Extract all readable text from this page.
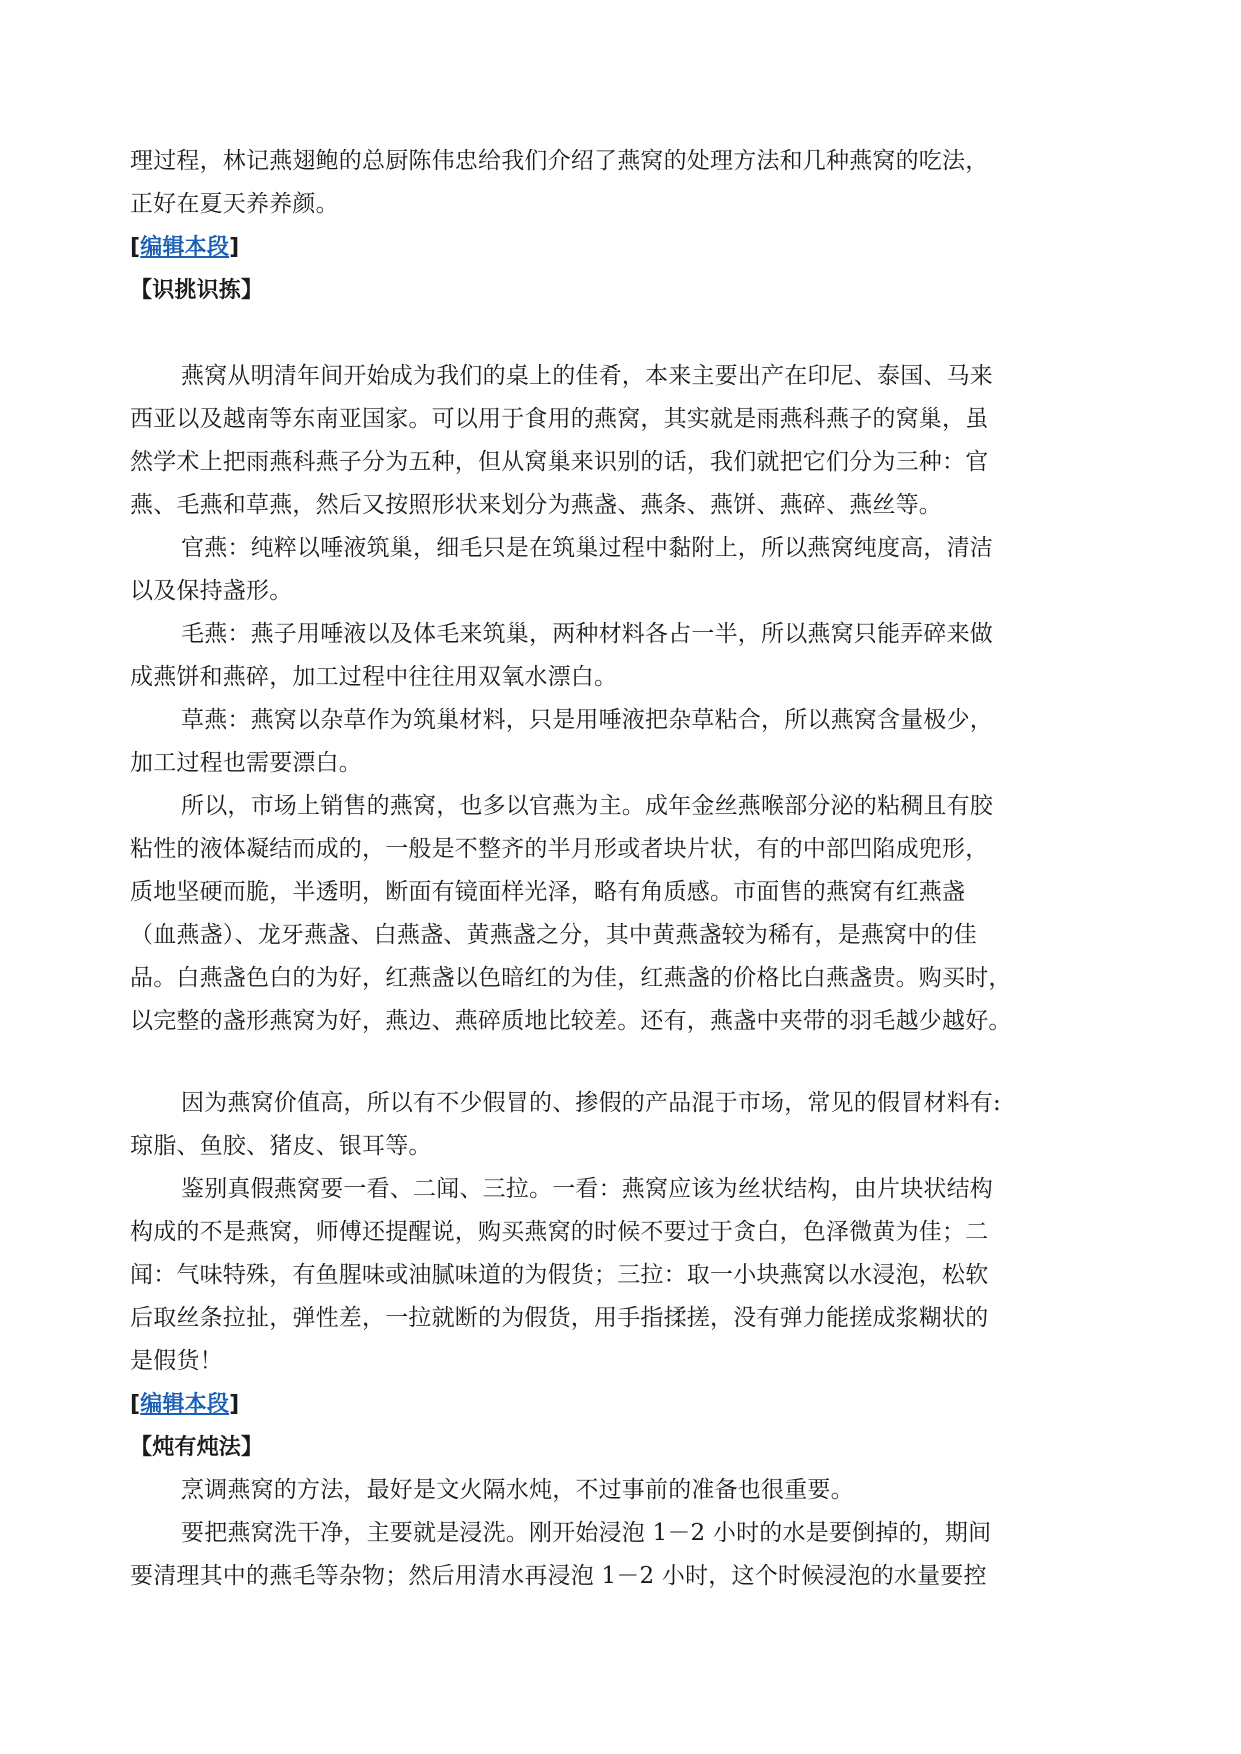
理过程，林记燕翅鲍的总厨陈伟忠给我们介绍了燕窝的处理方法和几种燕窝的吃法，
正好在夏天养养颜。
[编辑本段]
【识挑识拣】
燕窝从明清年间开始成为我们的桌上的佳肴，本来主要出产在印尼、泰国、马来
西亚以及越南等东南亚国家。可以用于食用的燕窝，其实就是雨燕科燕子的窝巢，虽
然学术上把雨燕科燕子分为五种，但从窝巢来识别的话，我们就把它们分为三种：官
燕、毛燕和草燕，然后又按照形状来划分为燕盏、燕条、燕饼、燕碎、燕丝等。
官燕：纯粹以唾液筑巢，细毛只是在筑巢过程中黏附上，所以燕窝纯度高，清洁
以及保持盏形。
毛燕：燕子用唾液以及体毛来筑巢，两种材料各占一半，所以燕窝只能弄碎来做
成燕饼和燕碎，加工过程中往往用双氧水漂白。
草燕：燕窝以杂草作为筑巢材料，只是用唾液把杂草粘合，所以燕窝含量极少，
加工过程也需要漂白。
所以，市场上销售的燕窝，也多以官燕为主。成年金丝燕喉部分泌的粘稠且有胶
粘性的液体凝结而成的，一般是不整齐的半月形或者块片状，有的中部凹陷成兜形，
质地坚硬而脆，半透明，断面有镜面样光泽，略有角质感。市面售的燕窝有红燕盏
（血燕盏）、龙牙燕盏、白燕盏、黄燕盏之分，其中黄燕盏较为稀有，是燕窝中的佳
品。白燕盏色白的为好，红燕盏以色暗红的为佳，红燕盏的价格比白燕盏贵。购买时，
以完整的盏形燕窝为好，燕边、燕碎质地比较差。还有，燕盏中夹带的羽毛越少越好。
因为燕窝价值高，所以有不少假冒的、掺假的产品混于市场，常见的假冒材料有:
琼脂、鱼胶、猪皮、银耳等。
鉴别真假燕窝要一看、二闻、三拉。一看：燕窝应该为丝状结构，由片块状结构
构成的不是燕窝，师傅还提醒说，购买燕窝的时候不要过于贪白，色泽微黄为佳；二
闻：气味特殊，有鱼腥味或油腻味道的为假货；三拉：取一小块燕窝以水浸泡，松软
后取丝条拉扯，弹性差，一拉就断的为假货，用手指揉搓，没有弹力能搓成浆糊状的
是假货！
[编辑本段]
【炖有炖法】
烹调燕窝的方法，最好是文火隔水炖，不过事前的准备也很重要。
要把燕窝洗干净，主要就是浸洗。刚开始浸泡 1－2 小时的水是要倒掉的，期间
要清理其中的燕毛等杂物；然后用清水再浸泡 1－2 小时，这个时候浸泡的水量要控
